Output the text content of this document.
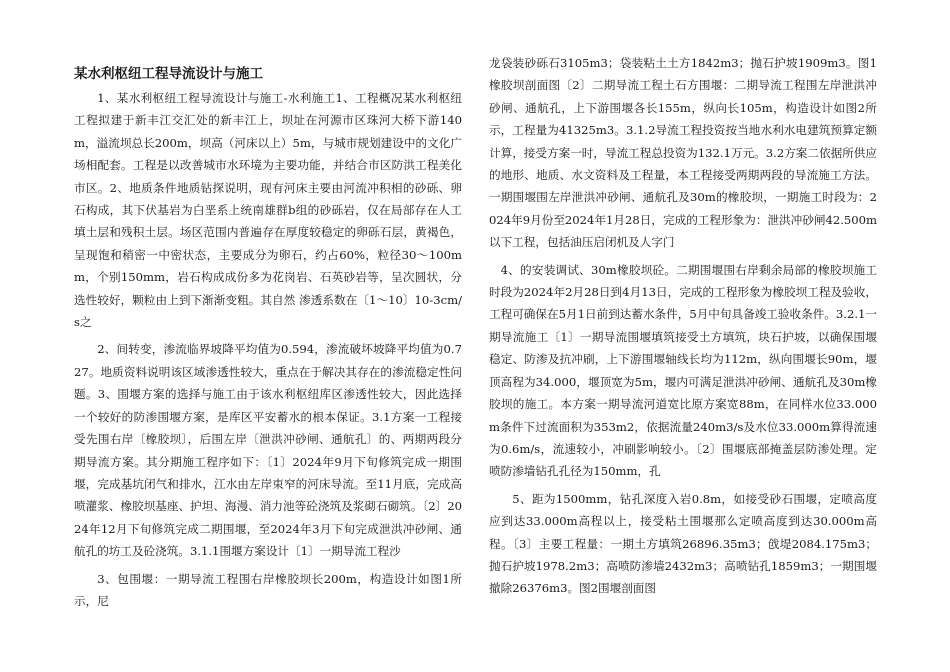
某水利枢纽工程导流设计与施工

1、某水利枢纽工程导流设计与施工-水利施工1、工程概况某水利枢纽工程拟建于新丰江交汇处的新丰江上，坝址在河源市区珠河大桥下游140m，溢流坝总长200m，坝高（河床以上）5m，与城市规划建设中的文化广场相配套。工程是以改善城市水环境为主要功能，并结合市区防洪工程美化市区。2、地质条件地质钻探说明，现有河床主要由河流冲积相的砂砾、卵石构成，其下伏基岩为白垩系上统南雄群b组的砂砾岩，仅在局部存在人工填土层和残积土层。场区范围内普遍存在厚度较稳定的卵砾石层，黄褐色，呈现饱和稍密一中密状态，主要成分为卵石，约占60%，粒径30～100mm，个别150mm，岩石构成成份多为花岗岩、石英砂岩等，呈次圆状，分选性较好，颗粒由上到下渐渐变粗。其自然 渗透系数在〔1～10〕10-3cm/s之

2、间转变，渗流临界坡降平均值为0.594，渗流破坏坡降平均值为0.727。地质资料说明该区域渗透性较大，重点在于解决其存在的渗流稳定性问题。3、围堰方案的选择与施工由于该水利枢纽库区渗透性较大，因此选择一个较好的防渗围堰方案，是库区平安蓄水的根本保证。3.1方案一工程接受先围右岸〔橡胶坝〕，后围左岸〔泄洪冲砂闸、通航孔〕的、两期两段分期导流方案。其分期施工程序如下：〔1〕2024年9月下旬修筑完成一期围堰，完成基坑闭气和排水，江水由左岸束窄的河床导流。至11月底，完成高喷灌浆、橡胶坝基座、护坦、海漫、消力池等砼浇筑及浆砌石砌筑。〔2〕2024年12月下旬修筑完成二期围堰，至2024年3月下旬完成泄洪冲砂闸、通航孔的坊工及砼浇筑。3.1.1围堰方案设计〔1〕一期导流工程沙

3、包围堰：一期导流工程围右岸橡胶坝长200m，构造设计如图1所示，尼

龙袋装砂砾石3105m3；袋装粘土土方1842m3；抛石护坡1909m3。图1橡胶坝剖面图〔2〕二期导流工程土石方围堰：二期导流工程围左岸泄洪冲砂闸、通航孔，上下游围堰各长155m，纵向长105m，构造设计如图2所示，工程量为41325m3。3.1.2导流工程投资按当地水利水电建筑预算定额计算，接受方案一时，导流工程总投资为132.1万元。3.2方案二依据所供应的地形、地质、水文资料及工程量，本工程接受两期两段的导流施工方法。一期围堰围左岸泄洪冲砂闸、通航孔及30m的橡胶坝，一期施工时段为：2024年9月份至2024年1月28日，完成的工程形象为：泄洪冲砂闸42.500m以下工程，包括油压启闭机及人字门

4、的安装调试、30m橡胶坝砼。二期围堰围右岸剩余局部的橡胶坝施工时段为2024年2月28日到4月13日，完成的工程形象为橡胶坝工程及验收，工程可确保在5月1日前到达蓄水条件，5月中旬具备竣工验收条件。3.2.1一期导流施工〔1〕一期导流围堰填筑接受土方填筑，块石护坡，以确保围堰稳定、防渗及抗冲刷，上下游围堰轴线长均为112m，纵向围堰长90m，堰顶高程为34.000，堰顶宽为5m，堰内可满足泄洪冲砂闸、通航孔及30m橡胶坝的施工。本方案一期导流河道宽比原方案宽88m，在同样水位33.000m条件下过流面积为353m2，依据流量240m3/s及水位33.000m算得流速为0.6m/s，流速较小，冲刷影响较小。〔2〕围堰底部掩盖层防渗处理。定喷防渗墙钻孔孔径为150mm，孔

5、距为1500mm，钻孔深度入岩0.8m，如接受砂石围堰，定喷高度应到达33.000m高程以上，接受粘土围堰那么定喷高度到达30.000m高程。〔3〕主要工程量：一期土方填筑26896.35m3；戗堤2084.175m3；抛石护坡1978.2m3；高喷防渗墙2432m3；高喷钻孔1859m3；一期围堰撤除26376m3。图2围堰剖面图
